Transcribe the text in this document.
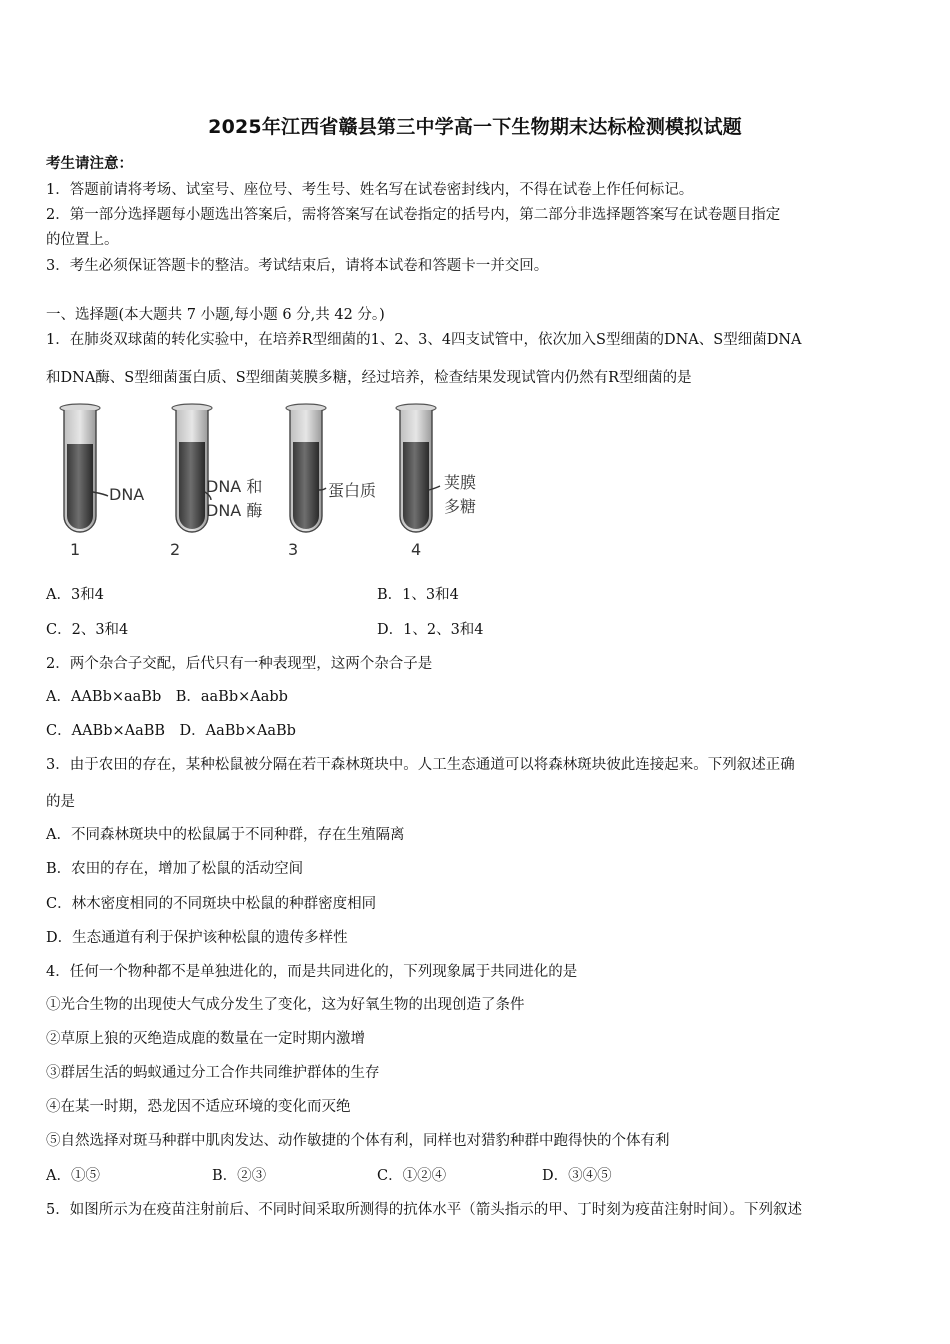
2025年江西省赣县第三中学高一下生物期末达标检测模拟试题
考生请注意：
1．答题前请将考场、试室号、座位号、考生号、姓名写在试卷密封线内，不得在试卷上作任何标记。
2．第一部分选择题每小题选出答案后，需将答案写在试卷指定的括号内，第二部分非选择题答案写在试卷题目指定
的位置上。
3．考生必须保证答题卡的整洁。考试结束后，请将本试卷和答题卡一并交回。
一、选择题(本大题共 7 小题,每小题 6 分,共 42 分。)
1．在肺炎双球菌的转化实验中，在培养R型细菌的1、2、3、4四支试管中，依次加入S型细菌的DNA、S型细菌DNA
和DNA酶、S型细菌蛋白质、S型细菌荚膜多糖，经过培养，检查结果发现试管内仍然有R型细菌的是
DNA	DNA 和
DNA 酶
蛋白质	荚膜
多糖
1	2	3	4
A．3和4	B．1、3和4
C．2、3和4	D．1、2、3和4
2．两个杂合子交配，后代只有一种表现型，这两个杂合子是
A．AABb×aaBb　B．aaBb×Aabb
C．AABb×AaBB　D．AaBb×AaBb
3．由于农田的存在，某种松鼠被分隔在若干森林斑块中。人工生态通道可以将森林斑块彼此连接起来。下列叙述正确
的是
A．不同森林斑块中的松鼠属于不同种群，存在生殖隔离
B．农田的存在，增加了松鼠的活动空间
C．林木密度相同的不同斑块中松鼠的种群密度相同
D．生态通道有利于保护该种松鼠的遗传多样性
4．任何一个物种都不是单独进化的，而是共同进化的，下列现象属于共同进化的是
①光合生物的出现使大气成分发生了变化，这为好氧生物的出现创造了条件
②草原上狼的灭绝造成鹿的数量在一定时期内激增
③群居生活的蚂蚁通过分工合作共同维护群体的生存
④在某一时期，恐龙因不适应环境的变化而灭绝
⑤自然选择对斑马种群中肌肉发达、动作敏捷的个体有利，同样也对猎豹种群中跑得快的个体有利
A．①⑤	B．②③	C．①②④	D．③④⑤
5．如图所示为在疫苗注射前后、不同时间采取所测得的抗体水平（箭头指示的甲、丁时刻为疫苗注射时间）。下列叙述
